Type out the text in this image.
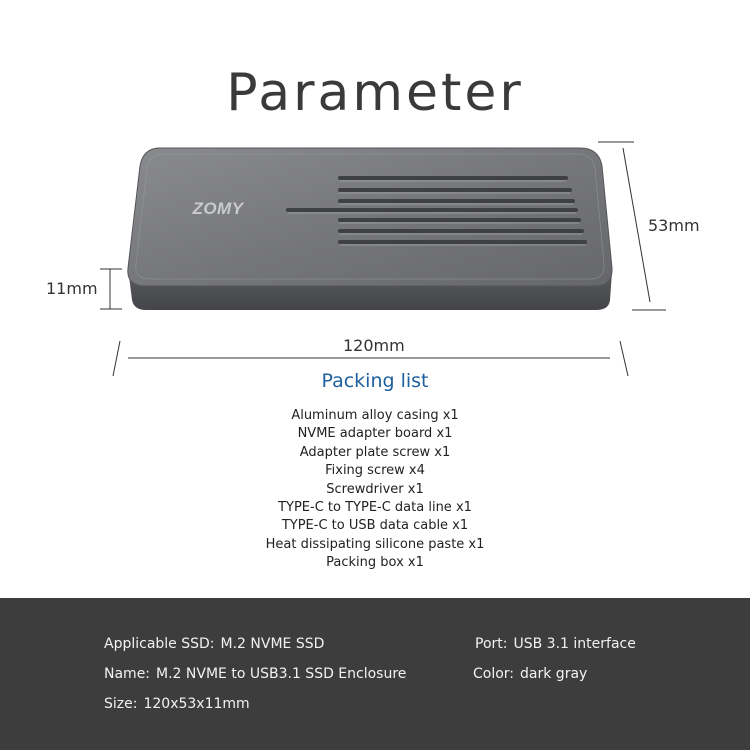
Parameter
ZOMY
120mm
53mm
11mm
Packing list
Aluminum alloy casing x1
NVME adapter board x1
Adapter plate screw x1
Fixing screw x4
Screwdriver x1
TYPE-C to TYPE-C data line x1
TYPE-C to USB data cable x1
Heat dissipating silicone paste x1
Packing box x1
Applicable SSD: M.2 NVME SSD
Name: M.2 NVME to USB3.1 SSD Enclosure
Size: 120x53x11mm
Port: USB 3.1 interface
Color: dark gray
